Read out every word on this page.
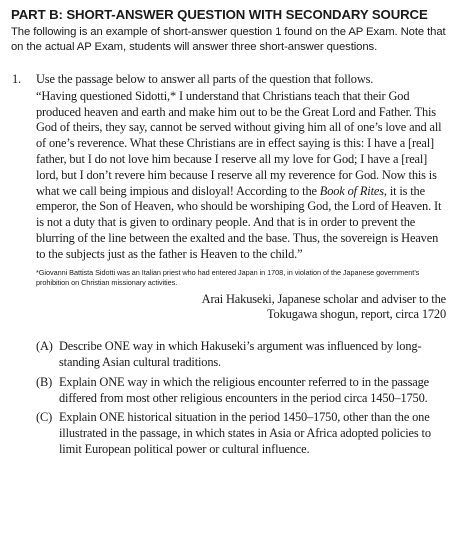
PART B: SHORT-ANSWER QUESTION WITH SECONDARY SOURCE

The following is an example of short-answer question 1 found on the AP Exam. Note that on the actual AP Exam, students will answer three short-answer questions.

1. Use the passage below to answer all parts of the question that follows.

“Having questioned Sidotti,* I understand that Christians teach that their God produced heaven and earth and make him out to be the Great Lord and Father. This God of theirs, they say, cannot be served without giving him all of one’s love and all of one’s reverence. What these Christians are in effect saying is this: I have a [real] father, but I do not love him because I reserve all my love for God; I have a [real] lord, but I don’t revere him because I reserve all my reverence for God. Now this is what we call being impious and disloyal! According to the Book of Rites, it is the emperor, the Son of Heaven, who should be worshiping God, the Lord of Heaven. It is not a duty that is given to ordinary people. And that is in order to prevent the blurring of the line between the exalted and the base. Thus, the sovereign is Heaven to the subjects just as the father is Heaven to the child.”

*Giovanni Battista Sidotti was an Italian priest who had entered Japan in 1708, in violation of the Japanese government’s prohibition on Christian missionary activities.

Arai Hakuseki, Japanese scholar and adviser to the
Tokugawa shogun, report, circa 1720

(A) Describe ONE way in which Hakuseki’s argument was influenced by long-standing Asian cultural traditions.
(B) Explain ONE way in which the religious encounter referred to in the passage differed from most other religious encounters in the period circa 1450–1750.
(C) Explain ONE historical situation in the period 1450–1750, other than the one illustrated in the passage, in which states in Asia or Africa adopted policies to limit European political power or cultural influence.
